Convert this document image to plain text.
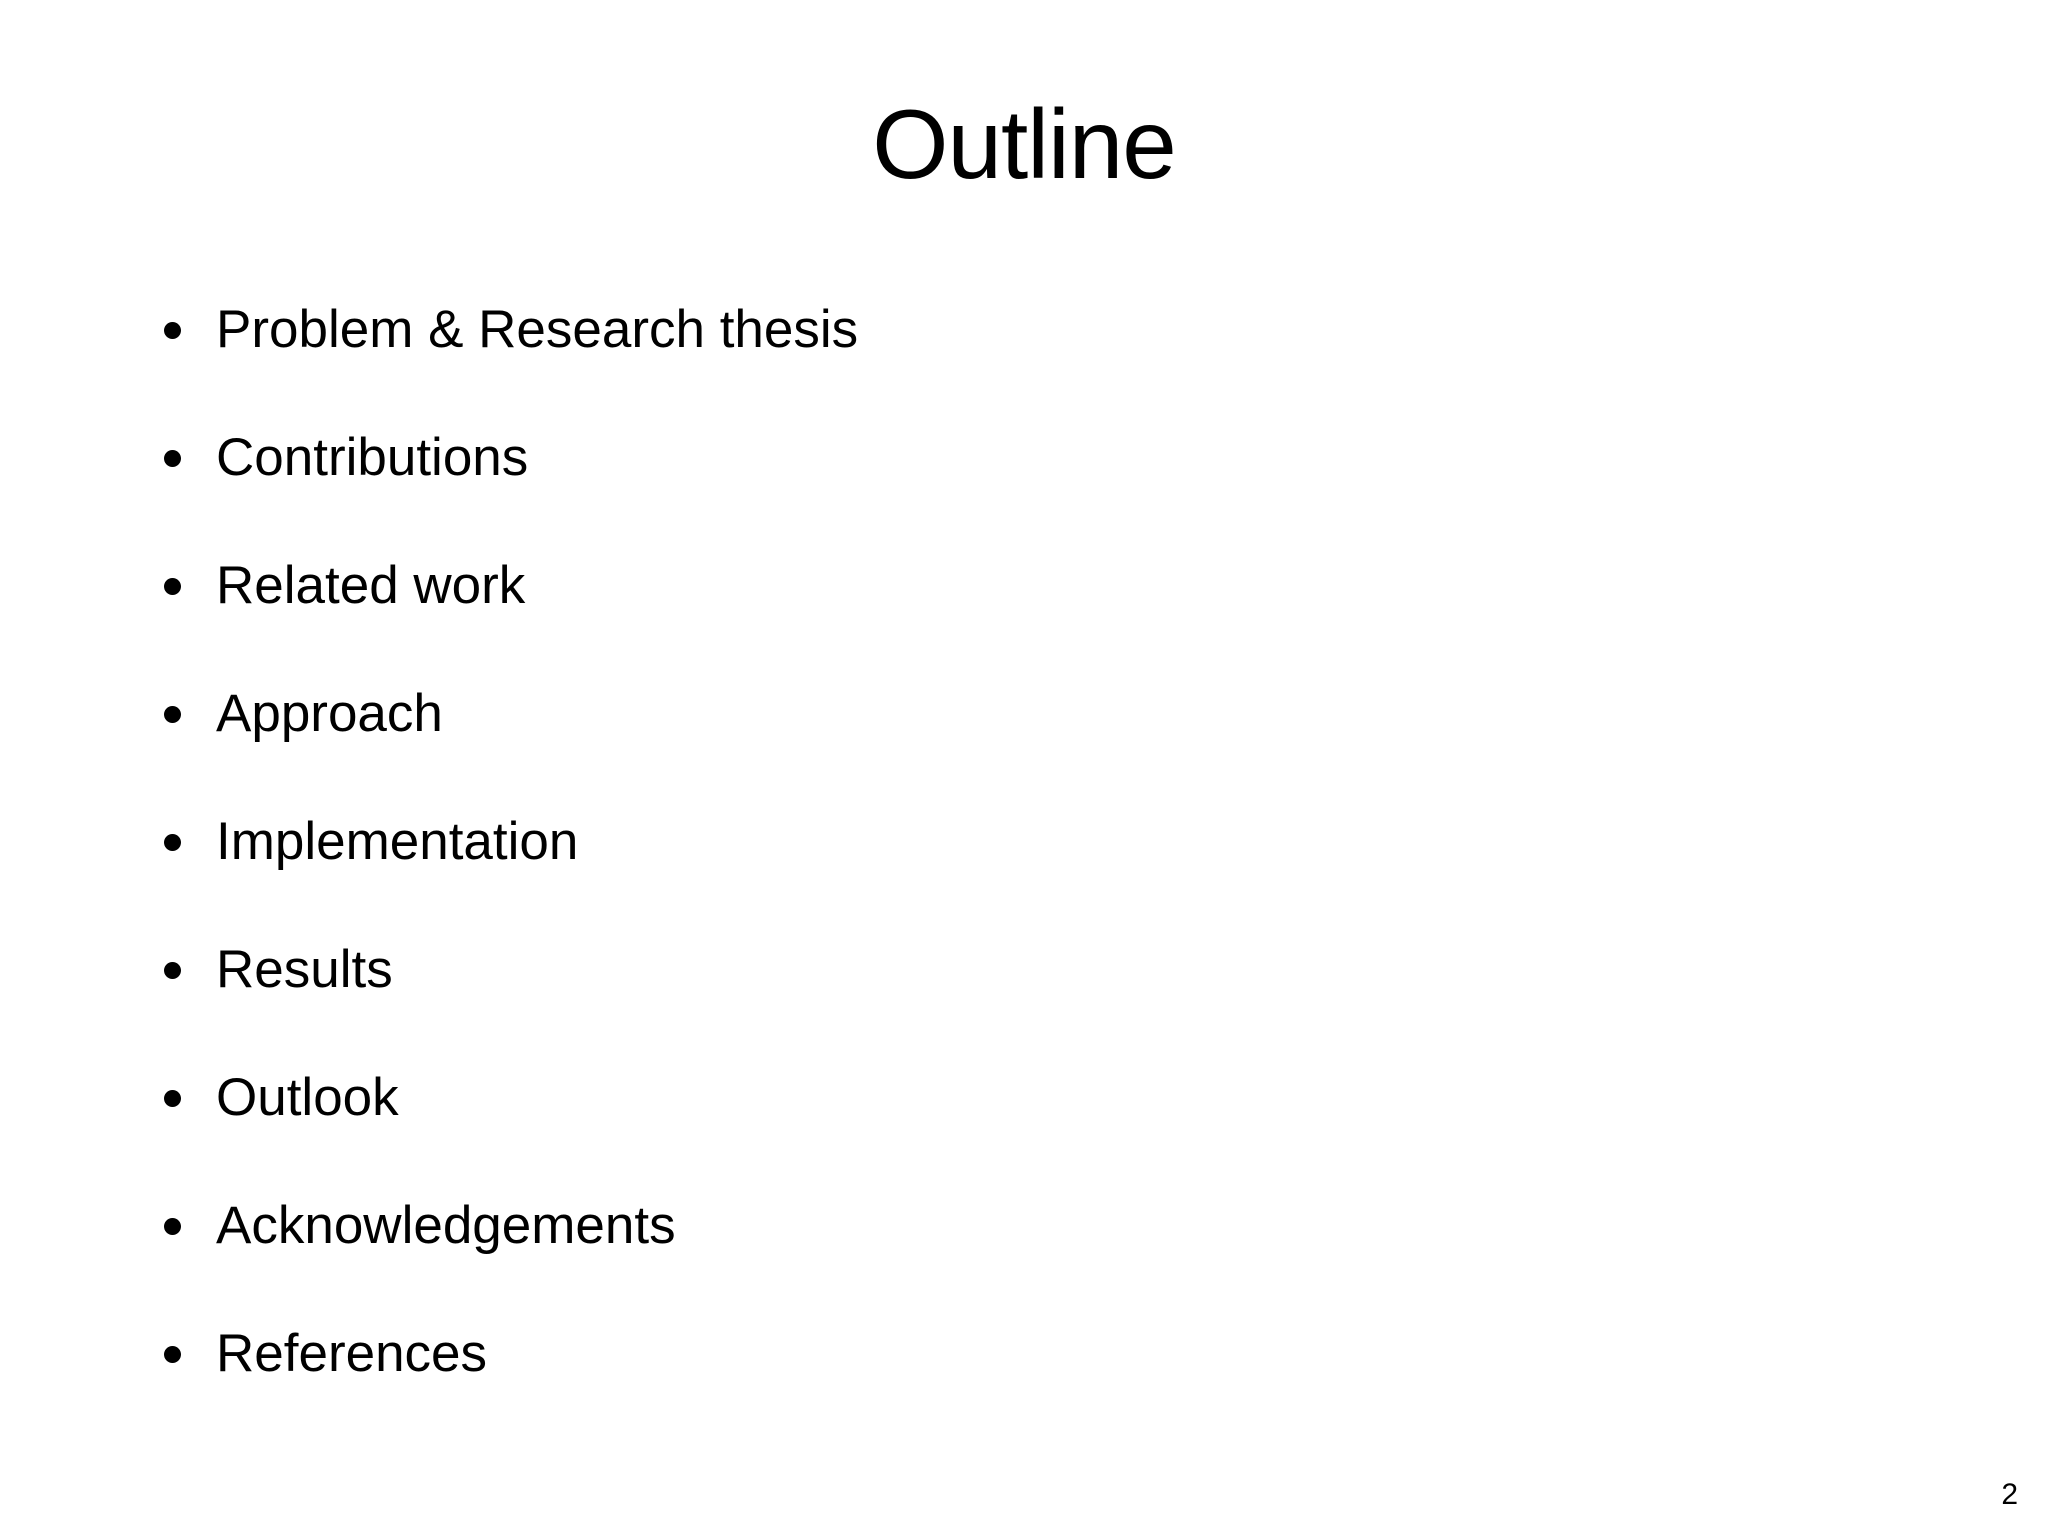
Outline
Problem & Research thesis
Contributions
Related work
Approach
Implementation
Results
Outlook
Acknowledgements
References
2
